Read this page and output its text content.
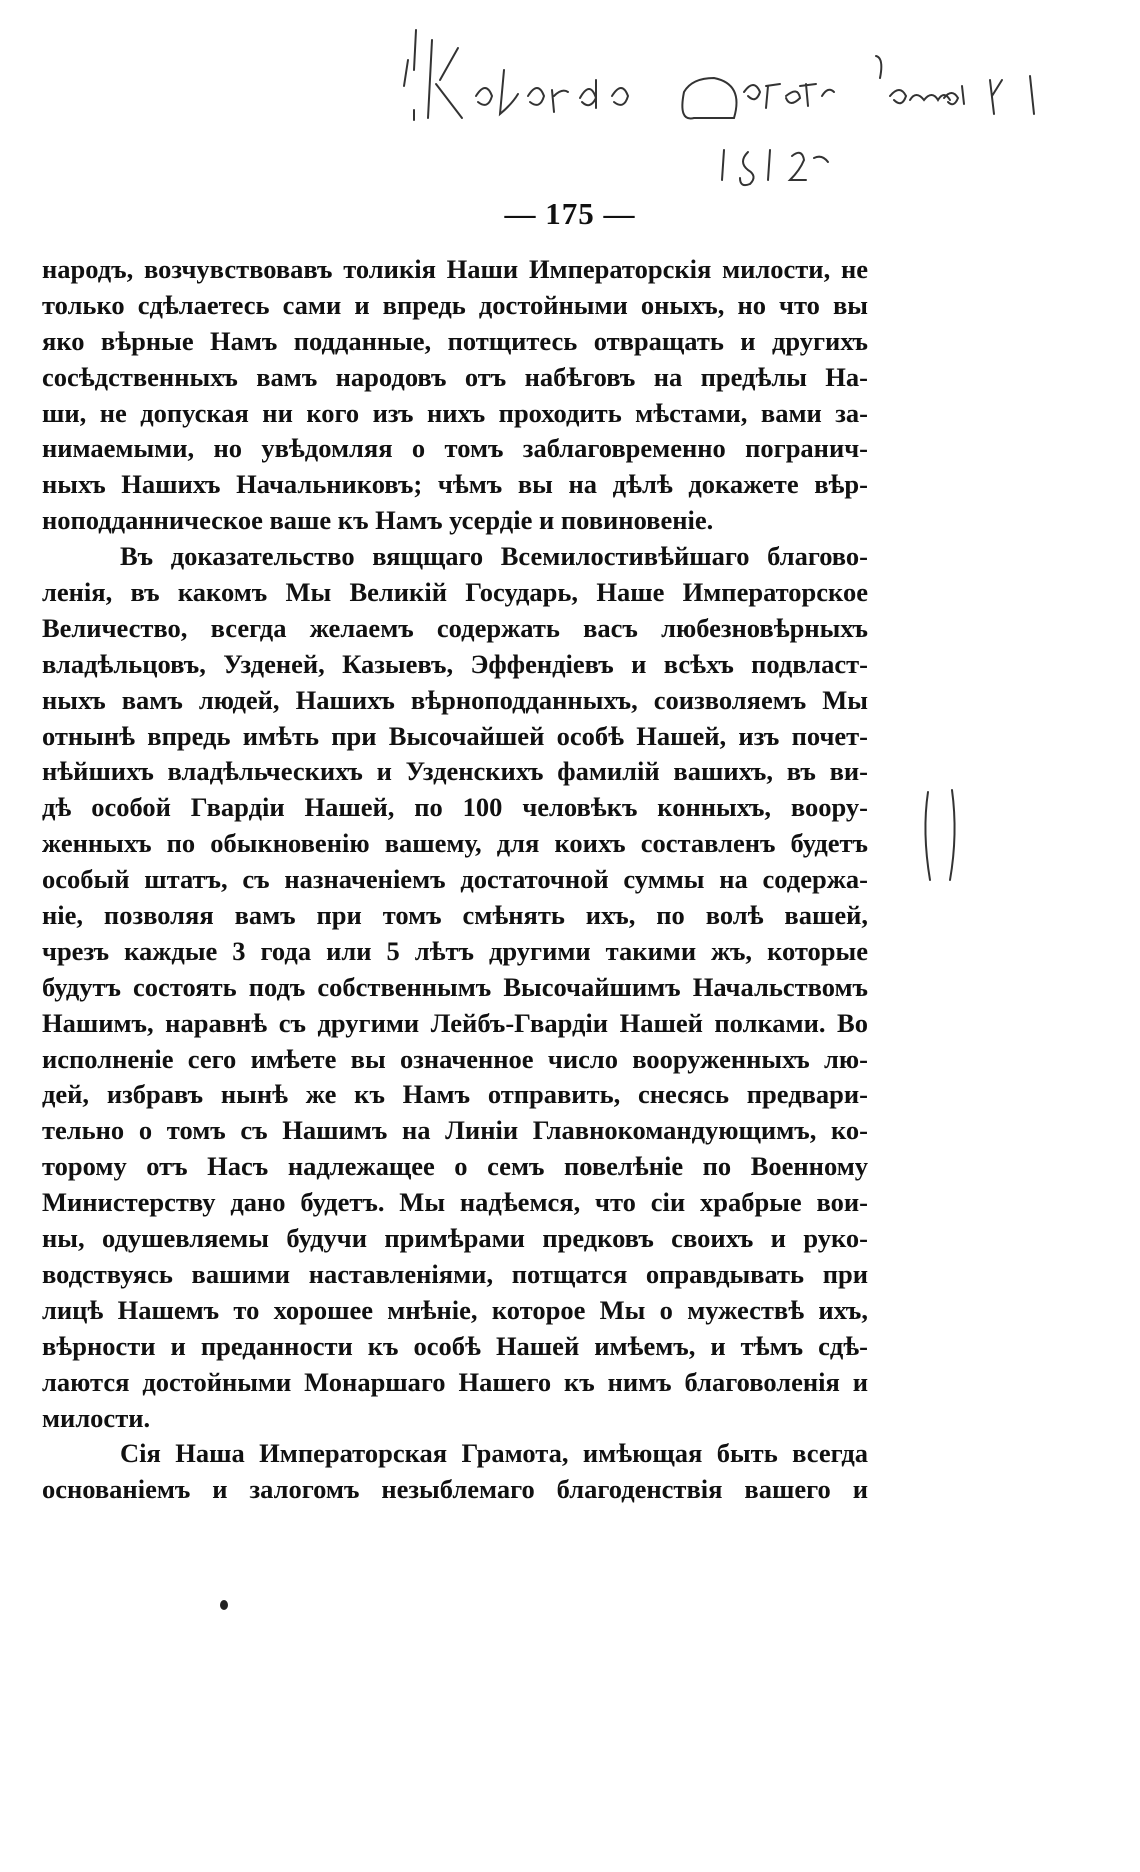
— 175 —
народъ, возчувствовавъ толикія Наши Императорскія милости, не
только сдѣлаетесь сами и впредь достойными оныхъ, но что вы
яко вѣрные Намъ подданные, потщитесь отвращать и другихъ
сосѣдственныхъ вамъ народовъ отъ набѣговъ на предѣлы На-
ши, не допуская ни кого изъ нихъ проходить мѣстами, вами за-
нимаемыми, но увѣдомляя о томъ заблаговременно погранич-
ныхъ Нашихъ Начальниковъ; чѣмъ вы на дѣлѣ докажете вѣр-
ноподданническое ваше къ Намъ усердіе и повиновеніе.
Въ доказательство вящщаго Всемилостивѣйшаго благово-
ленія, въ какомъ Мы Великій Государь, Наше Императорское
Величество, всегда желаемъ содержать васъ любезновѣрныхъ
владѣльцовъ, Узденей, Казыевъ, Эффендіевъ и всѣхъ подвласт-
ныхъ вамъ людей, Нашихъ вѣрноподданныхъ, соизволяемъ Мы
отнынѣ впредь имѣть при Высочайшей особѣ Нашей, изъ почет-
нѣйшихъ владѣльческихъ и Узденскихъ фамилій вашихъ, въ ви-
дѣ особой Гвардіи Нашей, по 100 человѣкъ конныхъ, воору-
женныхъ по обыкновенію вашему, для коихъ составленъ будетъ
особый штатъ, съ назначеніемъ достаточной суммы на содержа-
ніе, позволяя вамъ при томъ смѣнять ихъ, по волѣ вашей,
чрезъ каждые 3 года или 5 лѣтъ другими такими жъ, которые
будутъ состоять подъ собственнымъ Высочайшимъ Начальствомъ
Нашимъ, наравнѣ съ другими Лейбъ-Гвардіи Нашей полками. Во
исполненіе сего имѣете вы означенное число вооруженныхъ лю-
дей, избравъ нынѣ же къ Намъ отправить, снесясь предвари-
тельно о томъ съ Нашимъ на Линіи Главнокомандующимъ, ко-
торому отъ Насъ надлежащее о семъ повелѣніе по Военному
Министерству дано будетъ. Мы надѣемся, что сіи храбрые вои-
ны, одушевляемы будучи примѣрами предковъ своихъ и руко-
водствуясь вашими наставленіями, потщатся оправдывать при
лицѣ Нашемъ то хорошее мнѣніе, которое Мы о мужествѣ ихъ,
вѣрности и преданности къ особѣ Нашей имѣемъ, и тѣмъ сдѣ-
лаются достойными Монаршаго Нашего къ нимъ благоволенія и
милости.
Сія Наша Императорская Грамота, имѣющая быть всегда
основаніемъ и залогомъ незыблемаго благоденствія вашего и
